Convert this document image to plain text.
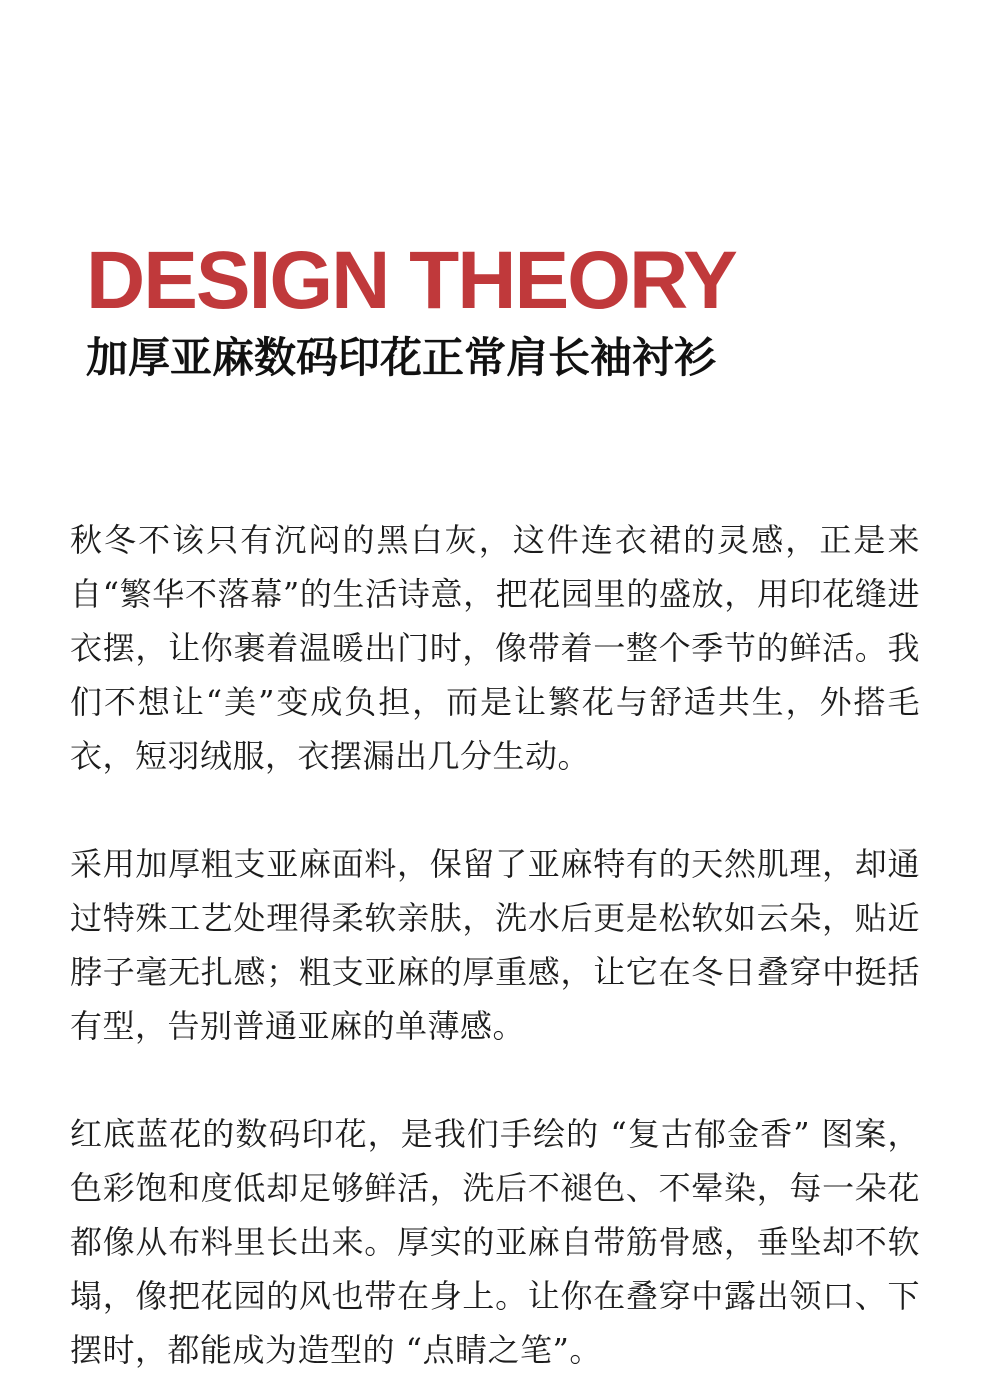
DESIGN THEORY
加厚亚麻数码印花正常肩长袖衬衫

秋冬不该只有沉闷的黑白灰，这件连衣裙的灵感，正是来自“繁华不落幕”的生活诗意，把花园里的盛放，用印花缝进衣摆，让你裹着温暖出门时，像带着一整个季节的鲜活。我们不想让“美”变成负担，而是让繁花与舒适共生，外搭毛衣，短羽绒服，衣摆漏出几分生动。

采用加厚粗支亚麻面料，保留了亚麻特有的天然肌理，却通过特殊工艺处理得柔软亲肤，洗水后更是松软如云朵，贴近脖子毫无扎感；粗支亚麻的厚重感，让它在冬日叠穿中挺括有型，告别普通亚麻的单薄感。

红底蓝花的数码印花，是我们手绘的 “复古郁金香” 图案，色彩饱和度低却足够鲜活，洗后不褪色、不晕染，每一朵花都像从布料里长出来。厚实的亚麻自带筋骨感，垂坠却不软塌，像把花园的风也带在身上。让你在叠穿中露出领口、下摆时，都能成为造型的 “点睛之笔”。
